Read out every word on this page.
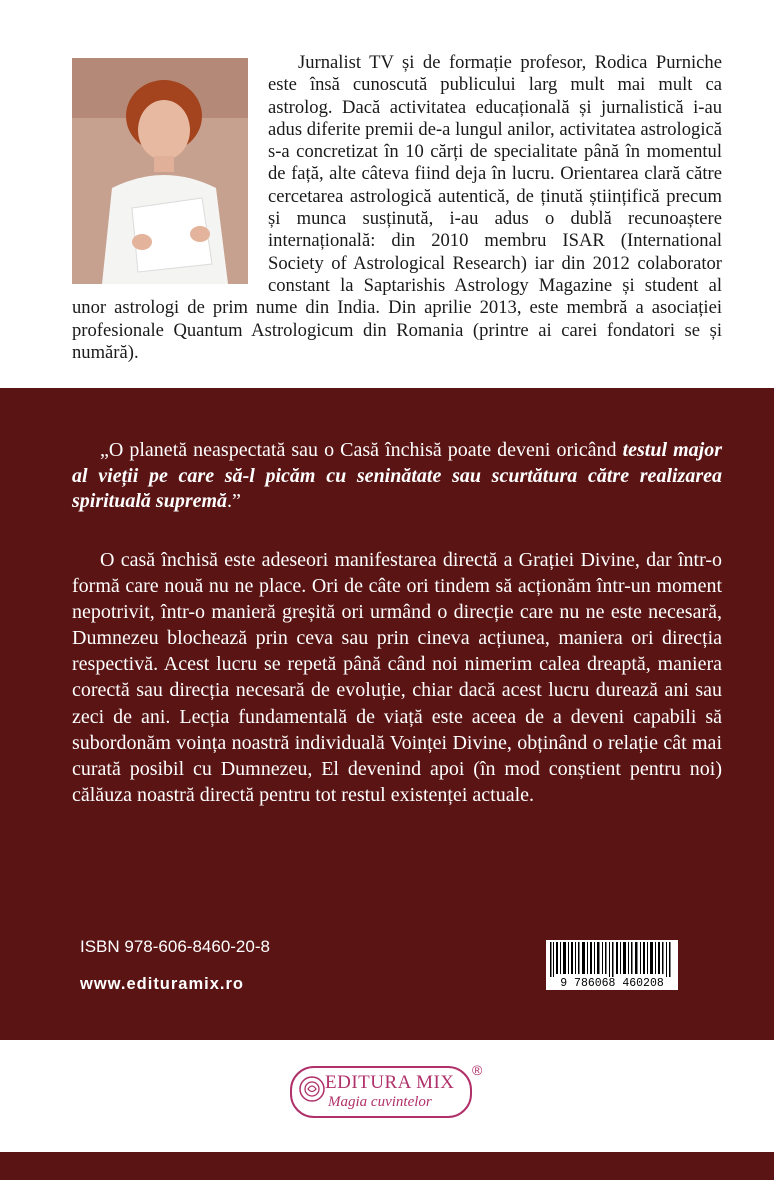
Jurnalist TV și de formație profesor, Rodica Purniche este însă cunoscută publicului larg mult mai mult ca astrolog. Dacă activitatea educațională și jurnalistică i-au adus diferite premii de-a lungul anilor, activitatea astrologică s-a concretizat în 10 cărți de specialitate până în momentul de față, alte câteva fiind deja în lucru. Orientarea clară către cercetarea astrologică autentică, de ținută științifică precum și munca susținută, i-au adus o dublă recunoaștere internațională: din 2010 membru ISAR (International Society of Astrological Research) iar din 2012 colaborator constant la Saptarishis Astrology Magazine și student al unor astrologi de prim nume din India. Din aprilie 2013, este membră a asociației profesionale Quantum Astrologicum din Romania (printre ai carei fondatori se și numără).

„O planetă neaspectată sau o Casă închisă poate deveni oricând testul major al vieții pe care să-l picăm cu seninătate sau scurtătura către realizarea spirituală supremă.”

O casă închisă este adeseori manifestarea directă a Grației Divine, dar într-o formă care nouă nu ne place. Ori de câte ori tindem să acționăm într-un moment nepotrivit, într-o manieră greșită ori urmând o direcție care nu ne este necesară, Dumnezeu blochează prin ceva sau prin cineva acțiunea, maniera ori direcția respectivă. Acest lucru se repetă până când noi nimerim calea dreaptă, maniera corectă sau direcția necesară de evoluție, chiar dacă acest lucru durează ani sau zeci de ani. Lecția fundamentală de viață este aceea de a deveni capabili să subordonăm voința noastră individuală Voinței Divine, obținând o relație cât mai curată posibil cu Dumnezeu, El devenind apoi (în mod conștient pentru noi) călăuza noastră directă pentru tot restul existenței actuale.

ISBN 978-606-8460-20-8
www.edituramix.ro	9 786068 460208
EDITURA MIX
Magia cuvintelor
®
